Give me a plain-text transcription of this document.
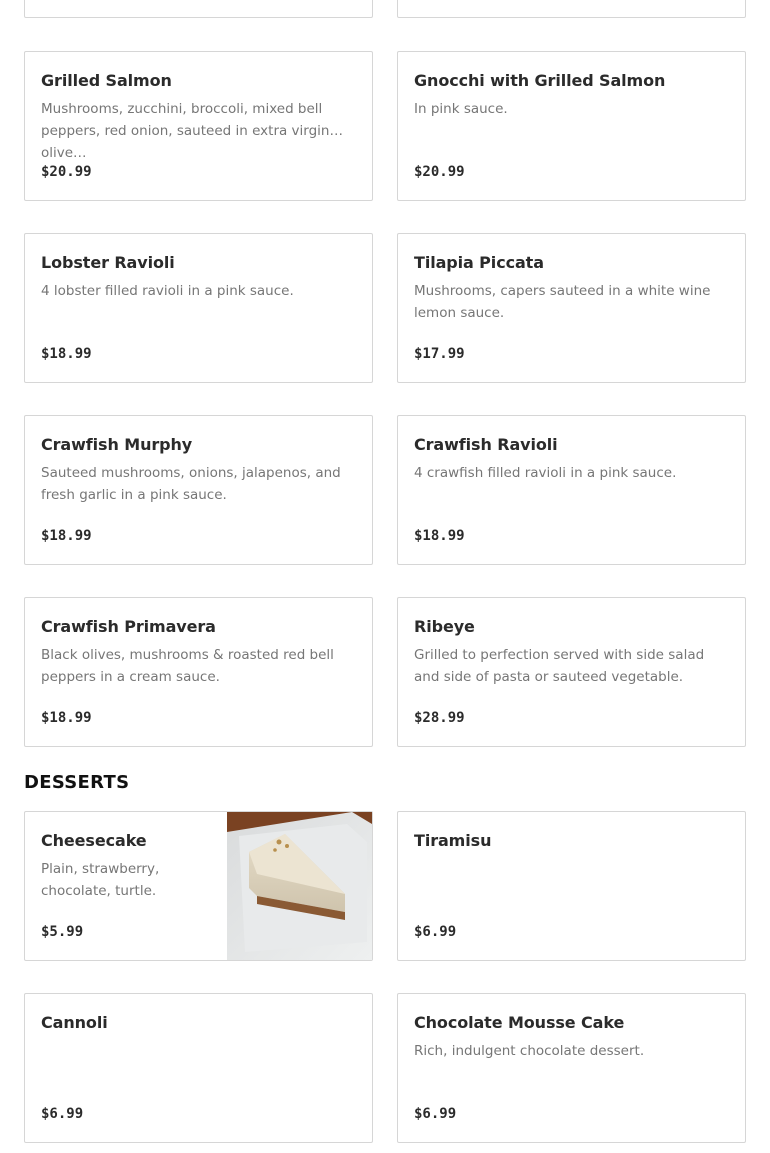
Grilled Salmon
Mushrooms, zucchini, broccoli, mixed bell peppers, red onion, sauteed in extra virgin olive…
$20.99
Gnocchi with Grilled Salmon
In pink sauce.
$20.99
Lobster Ravioli
4 lobster filled ravioli in a pink sauce.
$18.99
Tilapia Piccata
Mushrooms, capers sauteed in a white wine lemon sauce.
$17.99
Crawfish Murphy
Sauteed mushrooms, onions, jalapenos, and fresh garlic in a pink sauce.
$18.99
Crawfish Ravioli
4 crawfish filled ravioli in a pink sauce.
$18.99
Crawfish Primavera
Black olives, mushrooms & roasted red bell peppers in a cream sauce.
$18.99
Ribeye
Grilled to perfection served with side salad and side of pasta or sauteed vegetable.
$28.99
DESSERTS
Cheesecake
Plain, strawberry, chocolate, turtle.
$5.99
Tiramisu
$6.99
Cannoli
$6.99
Chocolate Mousse Cake
Rich, indulgent chocolate dessert.
$6.99
